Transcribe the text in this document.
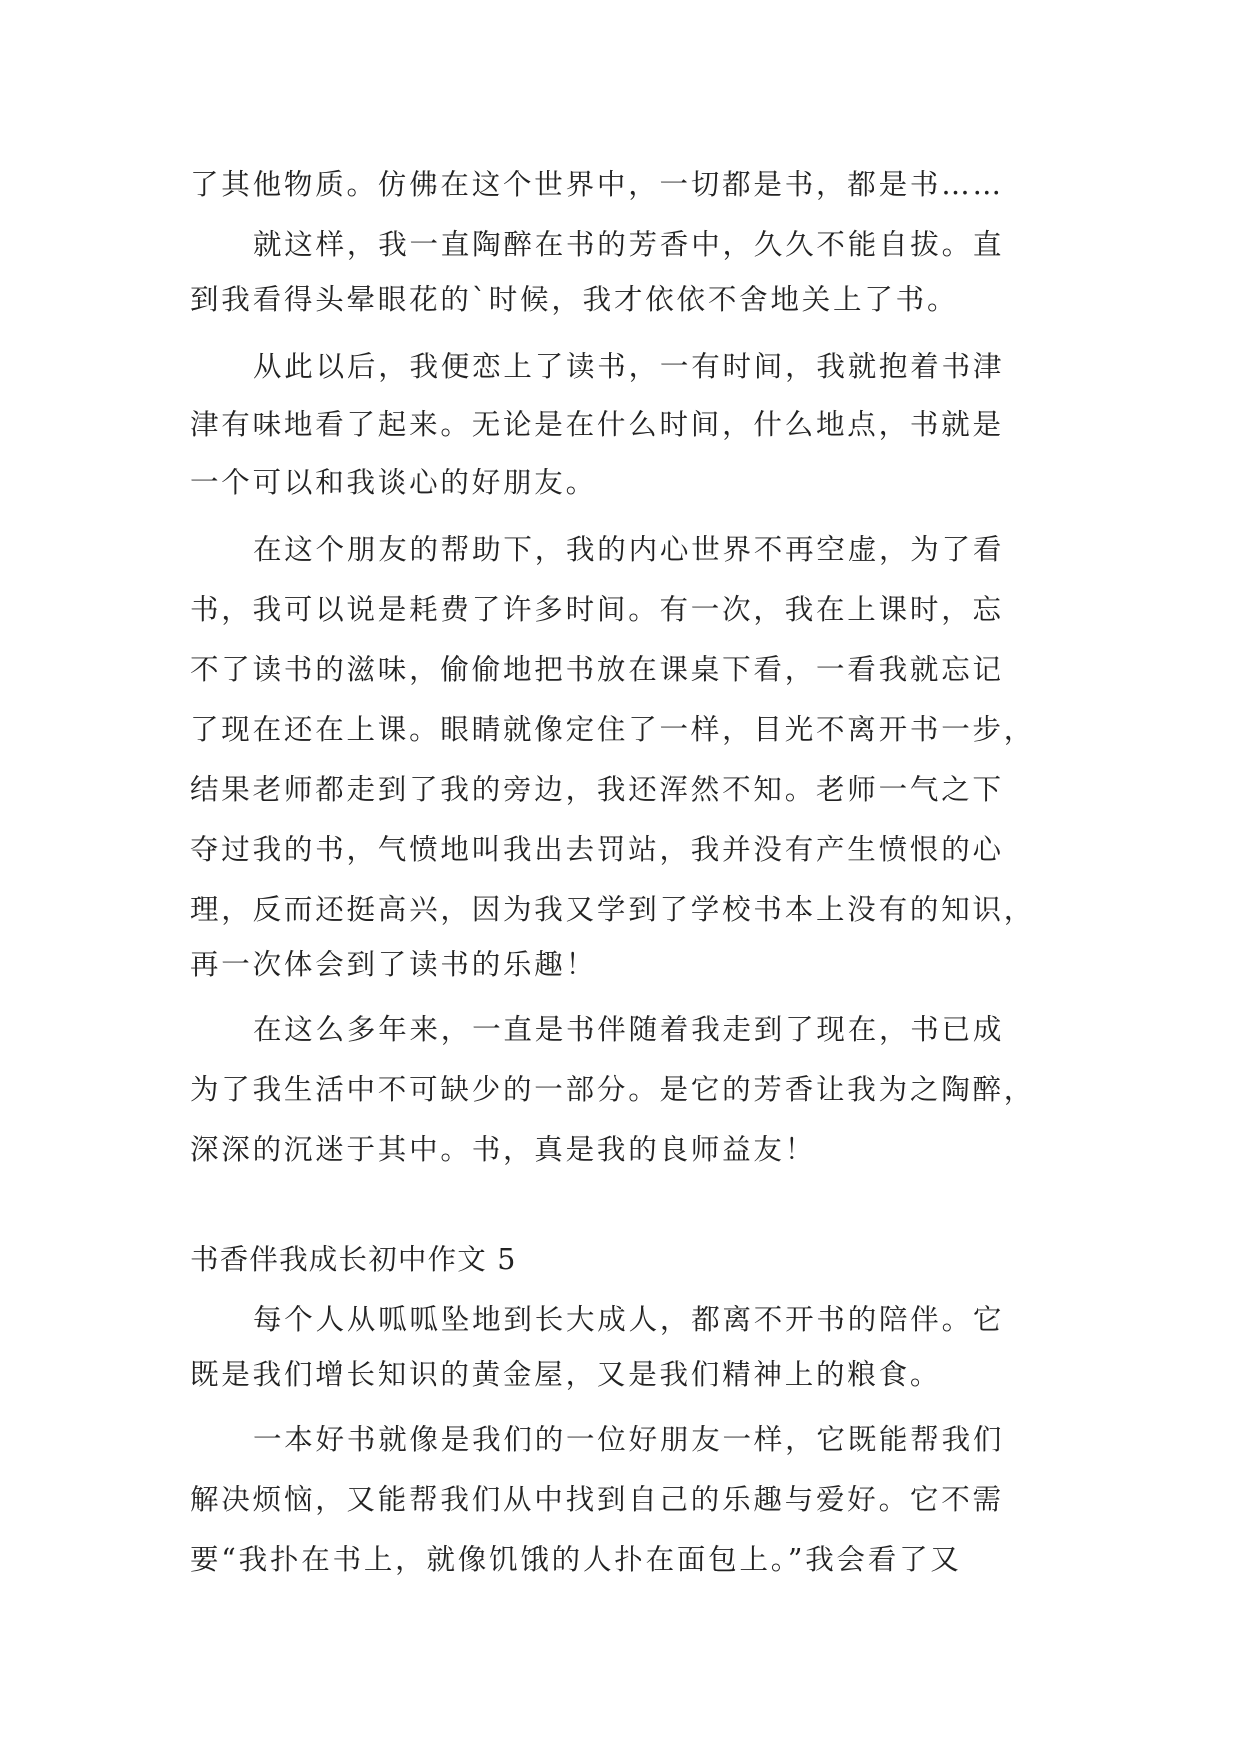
了其他物质。仿佛在这个世界中，一切都是书，都是书……
就这样，我一直陶醉在书的芳香中，久久不能自拔。直
到我看得头晕眼花的`时候，我才依依不舍地关上了书。
从此以后，我便恋上了读书，一有时间，我就抱着书津
津有味地看了起来。无论是在什么时间，什么地点，书就是
一个可以和我谈心的好朋友。
在这个朋友的帮助下，我的内心世界不再空虚，为了看
书，我可以说是耗费了许多时间。有一次，我在上课时，忘
不了读书的滋味，偷偷地把书放在课桌下看，一看我就忘记
了现在还在上课。眼睛就像定住了一样，目光不离开书一步，
结果老师都走到了我的旁边，我还浑然不知。老师一气之下
夺过我的书，气愤地叫我出去罚站，我并没有产生愤恨的心
理，反而还挺高兴，因为我又学到了学校书本上没有的知识，
再一次体会到了读书的乐趣！
在这么多年来，一直是书伴随着我走到了现在，书已成
为了我生活中不可缺少的一部分。是它的芳香让我为之陶醉，
深深的沉迷于其中。书，真是我的良师益友！
书香伴我成长初中作文 5
每个人从呱呱坠地到长大成人，都离不开书的陪伴。它
既是我们增长知识的黄金屋，又是我们精神上的粮食。
一本好书就像是我们的一位好朋友一样，它既能帮我们
解决烦恼，又能帮我们从中找到自己的乐趣与爱好。它不需
要“我扑在书上，就像饥饿的人扑在面包上。”我会看了又
